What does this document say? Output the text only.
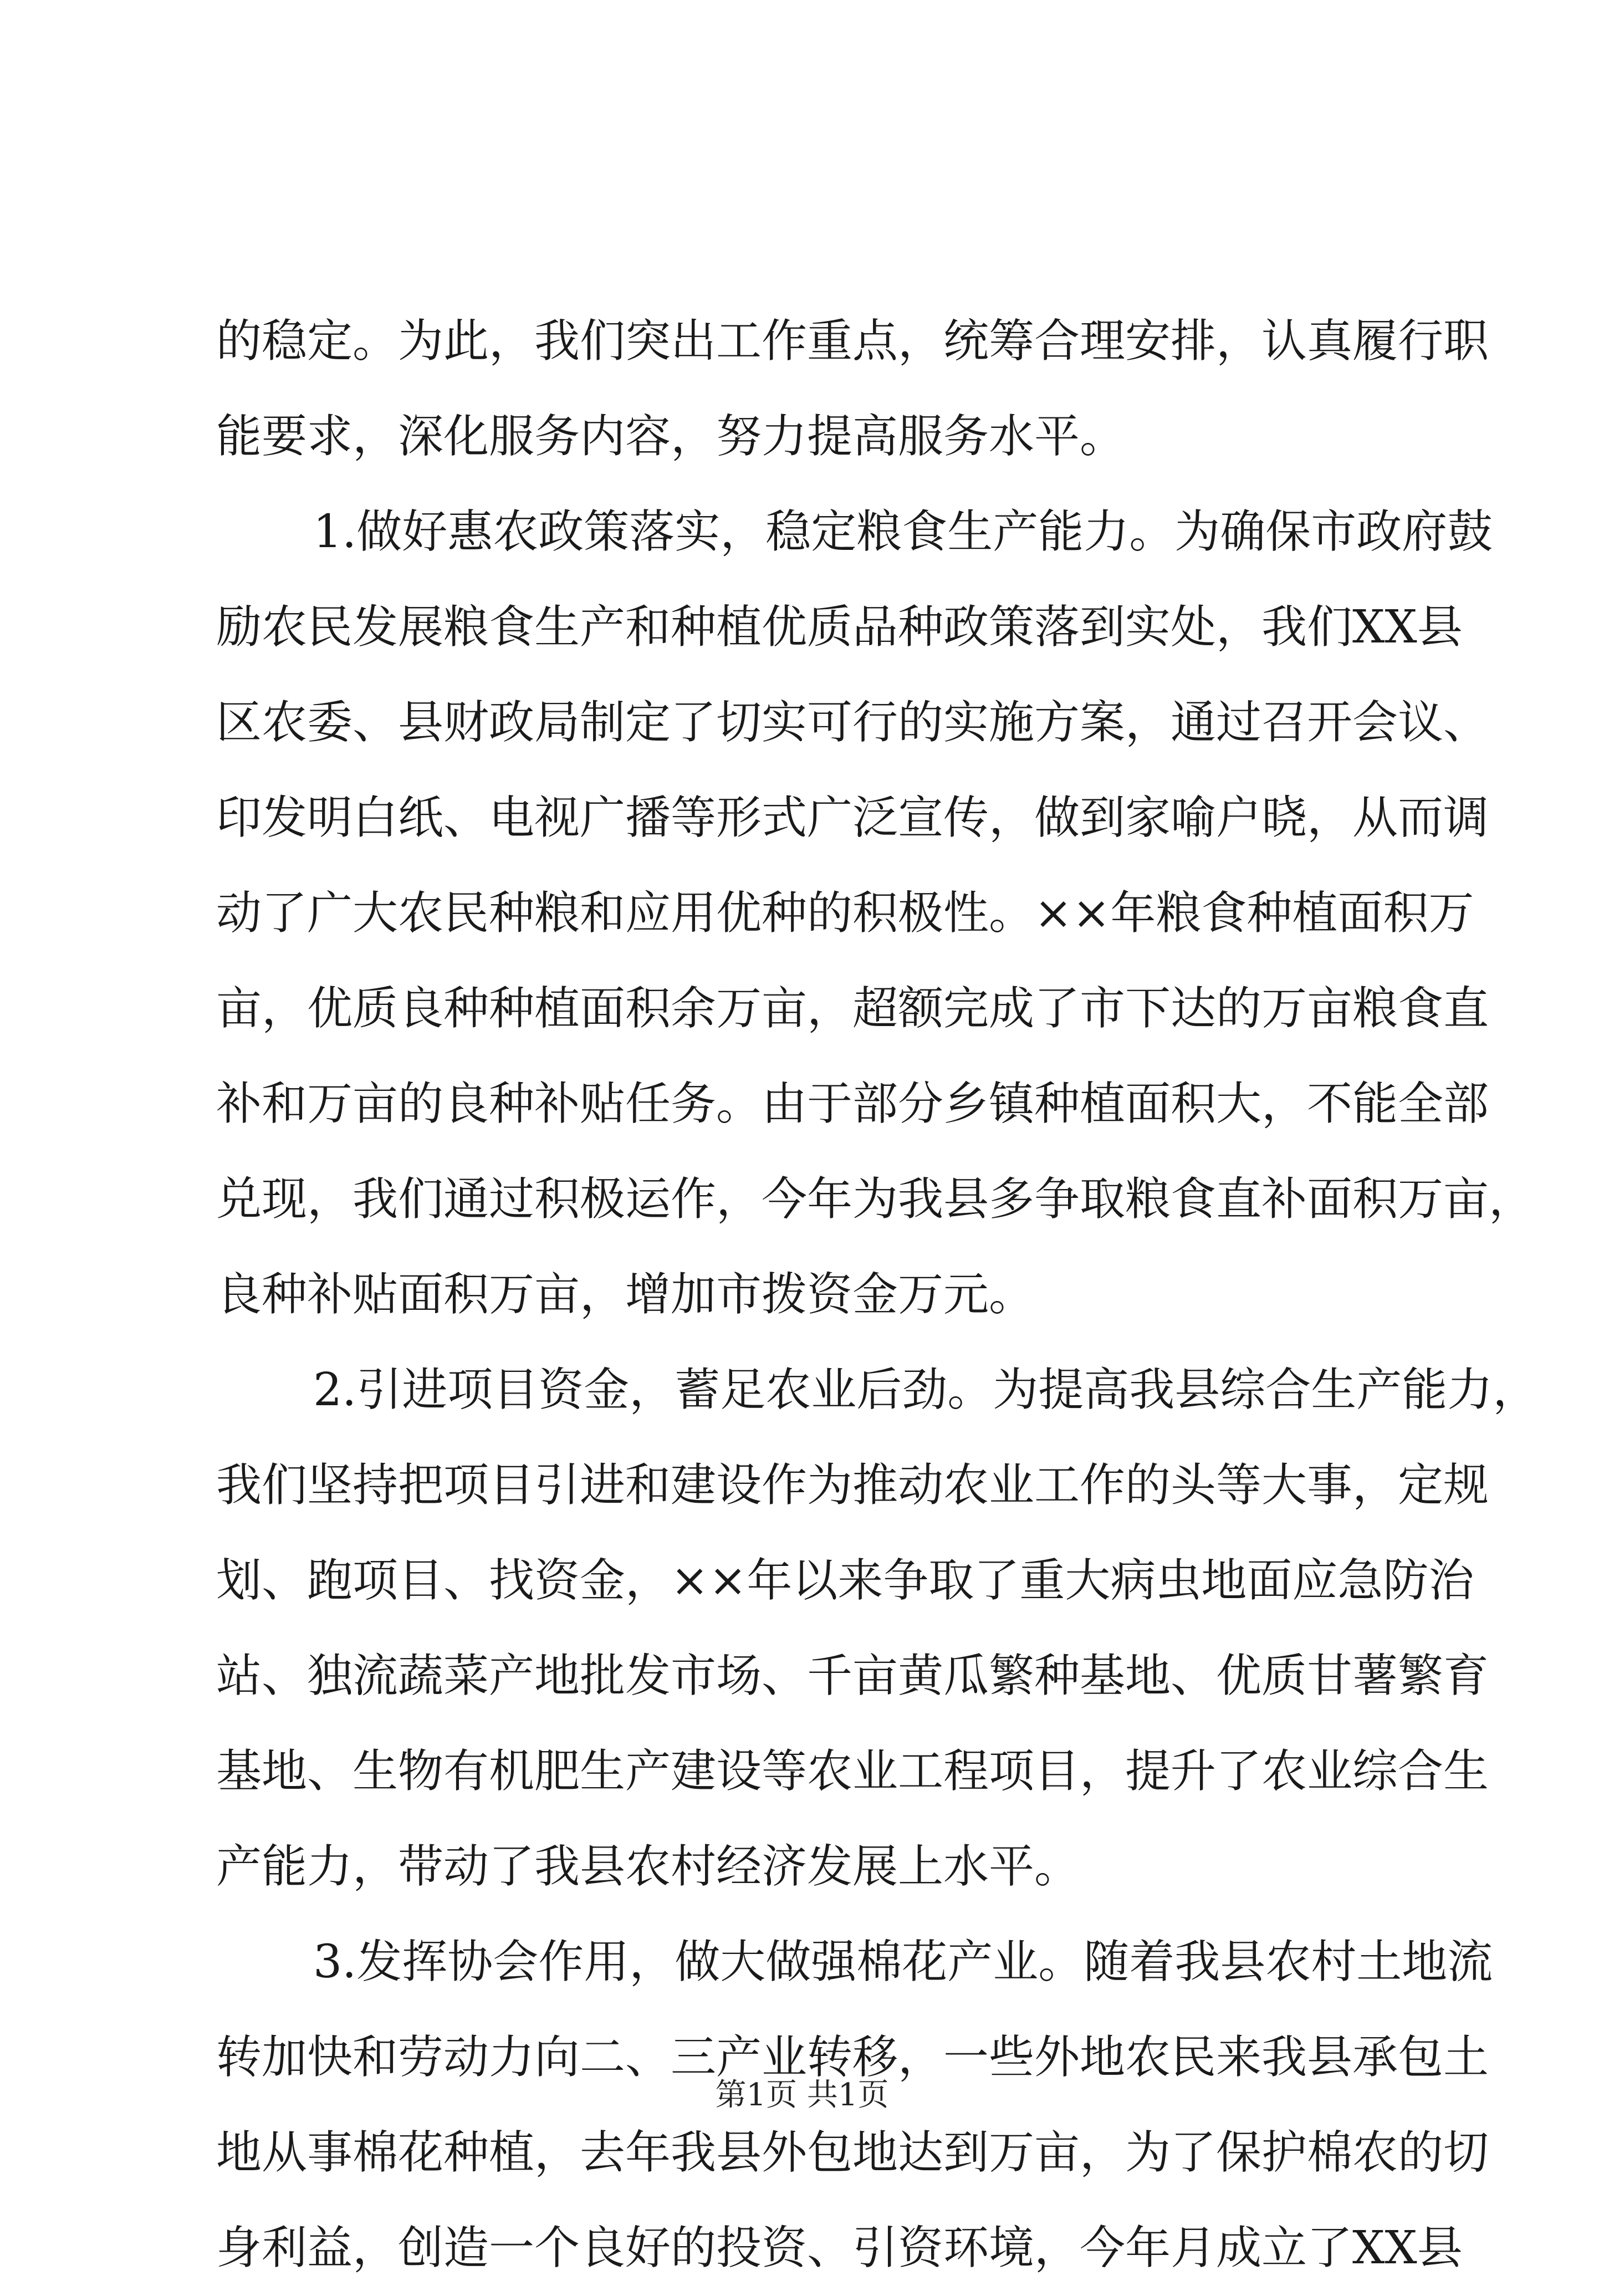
的稳定。为此，我们突出工作重点，统筹合理安排，认真履行职
能要求，深化服务内容，努力提高服务水平。
1.做好惠农政策落实，稳定粮食生产能力。为确保市政府鼓
励农民发展粮食生产和种植优质品种政策落到实处，我们XX县
区农委、县财政局制定了切实可行的实施方案，通过召开会议、
印发明白纸、电视广播等形式广泛宣传，做到家喻户晓，从而调
动了广大农民种粮和应用优种的积极性。××年粮食种植面积万
亩，优质良种种植面积余万亩，超额完成了市下达的万亩粮食直
补和万亩的良种补贴任务。由于部分乡镇种植面积大，不能全部
兑现，我们通过积极运作，今年为我县多争取粮食直补面积万亩，
良种补贴面积万亩，增加市拨资金万元。
2.引进项目资金，蓄足农业后劲。为提高我县综合生产能力，
我们坚持把项目引进和建设作为推动农业工作的头等大事，定规
划、跑项目、找资金，××年以来争取了重大病虫地面应急防治
站、独流蔬菜产地批发市场、千亩黄瓜繁种基地、优质甘薯繁育
基地、生物有机肥生产建设等农业工程项目，提升了农业综合生
产能力，带动了我县农村经济发展上水平。
3.发挥协会作用，做大做强棉花产业。随着我县农村土地流
转加快和劳动力向二、三产业转移，一些外地农民来我县承包土
地从事棉花种植，去年我县外包地达到万亩，为了保护棉农的切
身利益，创造一个良好的投资、引资环境，今年月成立了XX县
第1页 共1页
